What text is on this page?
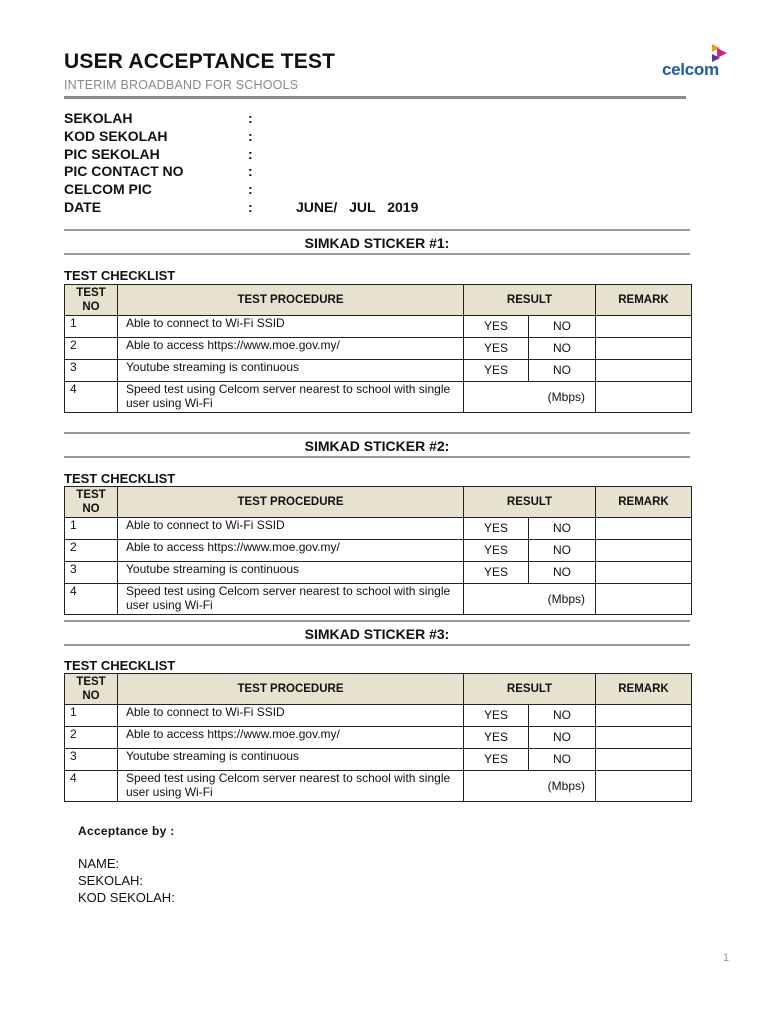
USER ACCEPTANCE TEST
INTERIM BROADBAND FOR SCHOOLS
celcom
SEKOLAH	:
KOD SEKOLAH	:
PIC SEKOLAH	:
PIC CONTACT NO	:
CELCOM PIC	:
DATE	:	JUNE/ JUL 2019
SIMKAD STICKER #1:
TEST CHECKLIST
TEST NO	TEST PROCEDURE	RESULT		REMARK
1	Able to connect to Wi-Fi SSID	YES	NO	
2	Able to access https://www.moe.gov.my/	YES	NO	
3	Youtube streaming is continuous	YES	NO	
4	Speed test using Celcom server nearest to school with single user using Wi-Fi	(Mbps)		
SIMKAD STICKER #2:
TEST CHECKLIST
TEST NO	TEST PROCEDURE	RESULT		REMARK
1	Able to connect to Wi-Fi SSID	YES	NO	
2	Able to access https://www.moe.gov.my/	YES	NO	
3	Youtube streaming is continuous	YES	NO	
4	Speed test using Celcom server nearest to school with single user using Wi-Fi	(Mbps)		
SIMKAD STICKER #3:
TEST CHECKLIST
TEST NO	TEST PROCEDURE	RESULT		REMARK
1	Able to connect to Wi-Fi SSID	YES	NO	
2	Able to access https://www.moe.gov.my/	YES	NO	
3	Youtube streaming is continuous	YES	NO	
4	Speed test using Celcom server nearest to school with single user using Wi-Fi	(Mbps)		
Acceptance by :
NAME:
SEKOLAH:
KOD SEKOLAH:
1
